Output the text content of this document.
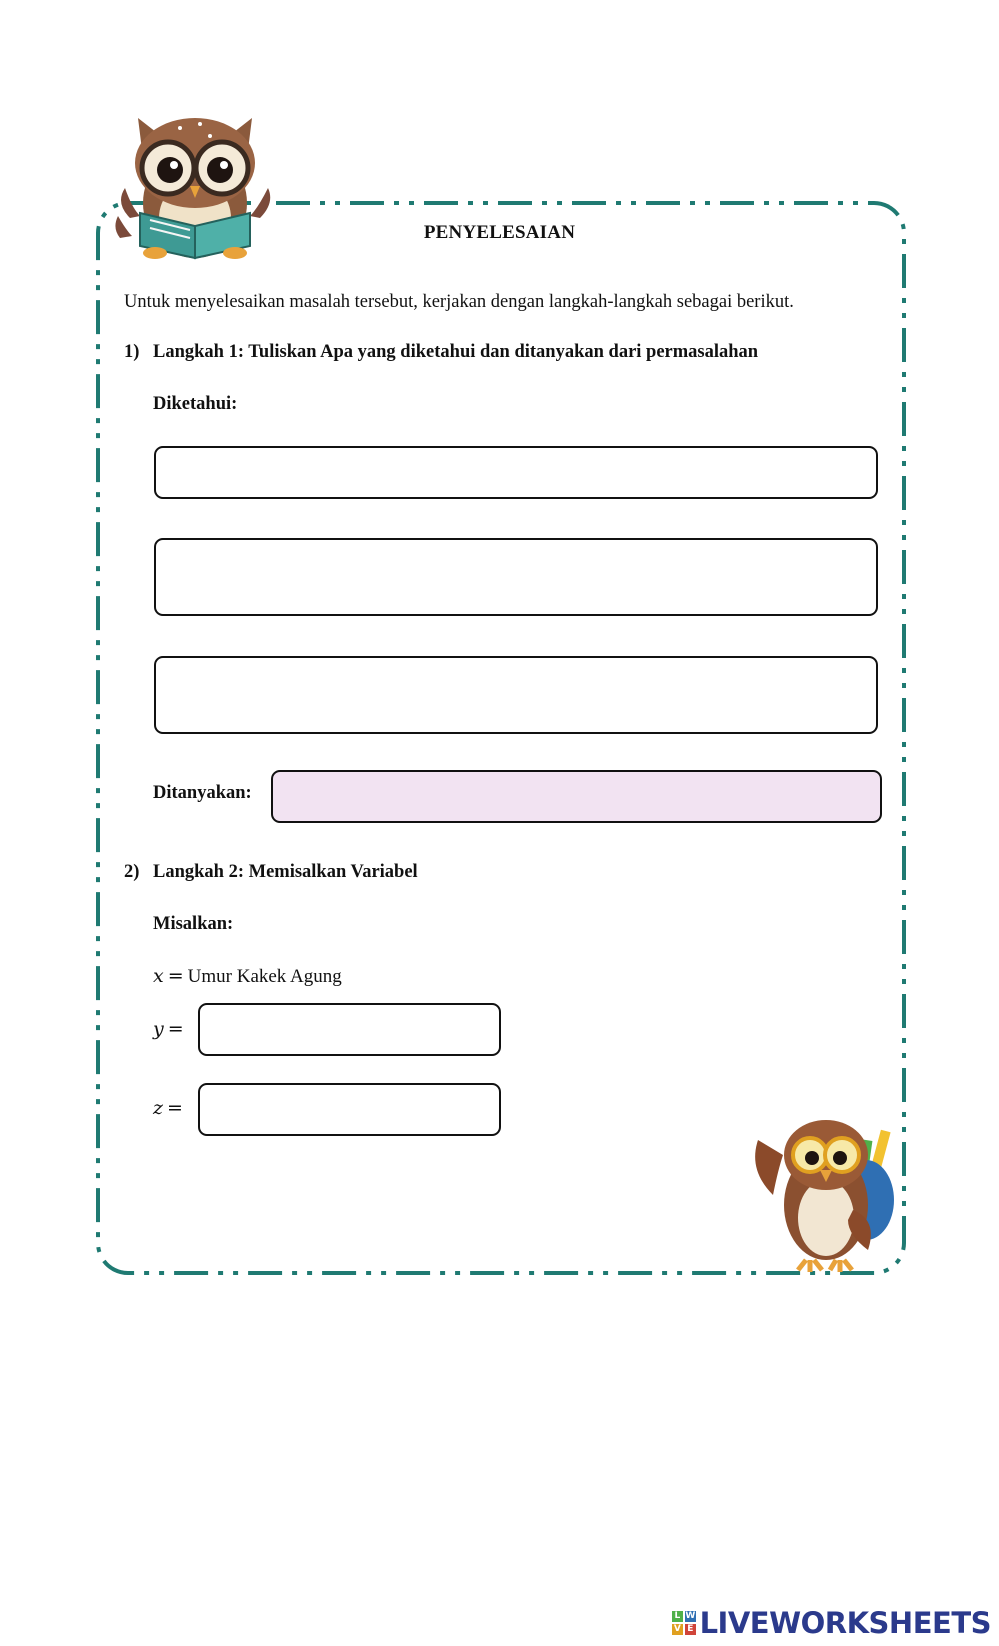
PENYELESAIAN
Untuk menyelesaikan masalah tersebut, kerjakan dengan langkah-langkah sebagai berikut.
1) Langkah 1: Tuliskan Apa yang diketahui dan ditanyakan dari permasalahan
Diketahui:
Ditanyakan:
2) Langkah 2: Memisalkan Variabel
Misalkan:
x = Umur Kakek Agung
y =
z =
L W
V E LIVEWORKSHEETS
